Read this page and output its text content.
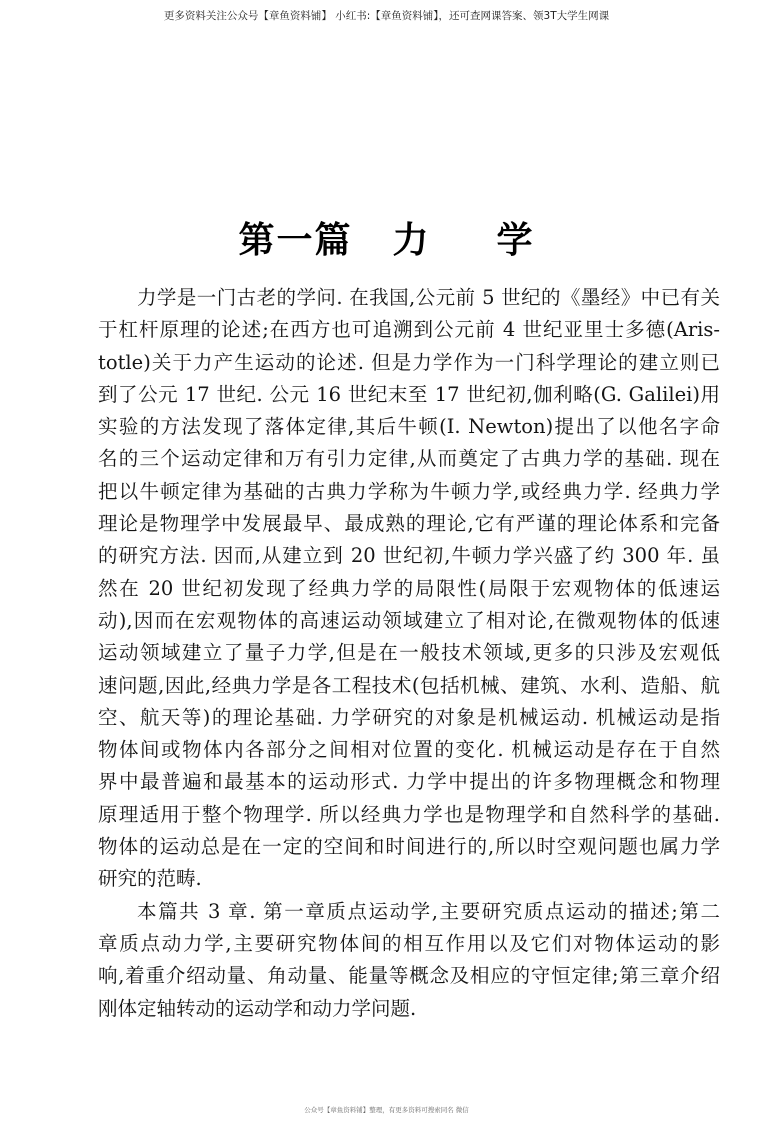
更多资料关注公众号【章鱼资料铺】 小红书:【章鱼资料铺】，还可查网课答案、领3T大学生网课
第一篇 力 学
力学是一门古老的学问. 在我国,公元前 5 世纪的《墨经》中已有关
于杠杆原理的论述;在西方也可追溯到公元前 4 世纪亚里士多德(Aris-
totle)关于力产生运动的论述. 但是力学作为一门科学理论的建立则已
到了公元 17 世纪. 公元 16 世纪末至 17 世纪初,伽利略(G. Galilei)用
实验的方法发现了落体定律,其后牛顿(I. Newton)提出了以他名字命
名的三个运动定律和万有引力定律,从而奠定了古典力学的基础. 现在
把以牛顿定律为基础的古典力学称为牛顿力学,或经典力学. 经典力学
理论是物理学中发展最早、最成熟的理论,它有严谨的理论体系和完备
的研究方法. 因而,从建立到 20 世纪初,牛顿力学兴盛了约 300 年. 虽
然在 20 世纪初发现了经典力学的局限性(局限于宏观物体的低速运
动),因而在宏观物体的高速运动领域建立了相对论,在微观物体的低速
运动领域建立了量子力学,但是在一般技术领域,更多的只涉及宏观低
速问题,因此,经典力学是各工程技术(包括机械、建筑、水利、造船、航
空、航天等)的理论基础. 力学研究的对象是机械运动. 机械运动是指
物体间或物体内各部分之间相对位置的变化. 机械运动是存在于自然
界中最普遍和最基本的运动形式. 力学中提出的许多物理概念和物理
原理适用于整个物理学. 所以经典力学也是物理学和自然科学的基础.
物体的运动总是在一定的空间和时间进行的,所以时空观问题也属力学
研究的范畴.
本篇共 3 章. 第一章质点运动学,主要研究质点运动的描述;第二
章质点动力学,主要研究物体间的相互作用以及它们对物体运动的影
响,着重介绍动量、角动量、能量等概念及相应的守恒定律;第三章介绍
刚体定轴转动的运动学和动力学问题.
公众号【章鱼资料铺】整理，有更多资料可搜索同名 微信
